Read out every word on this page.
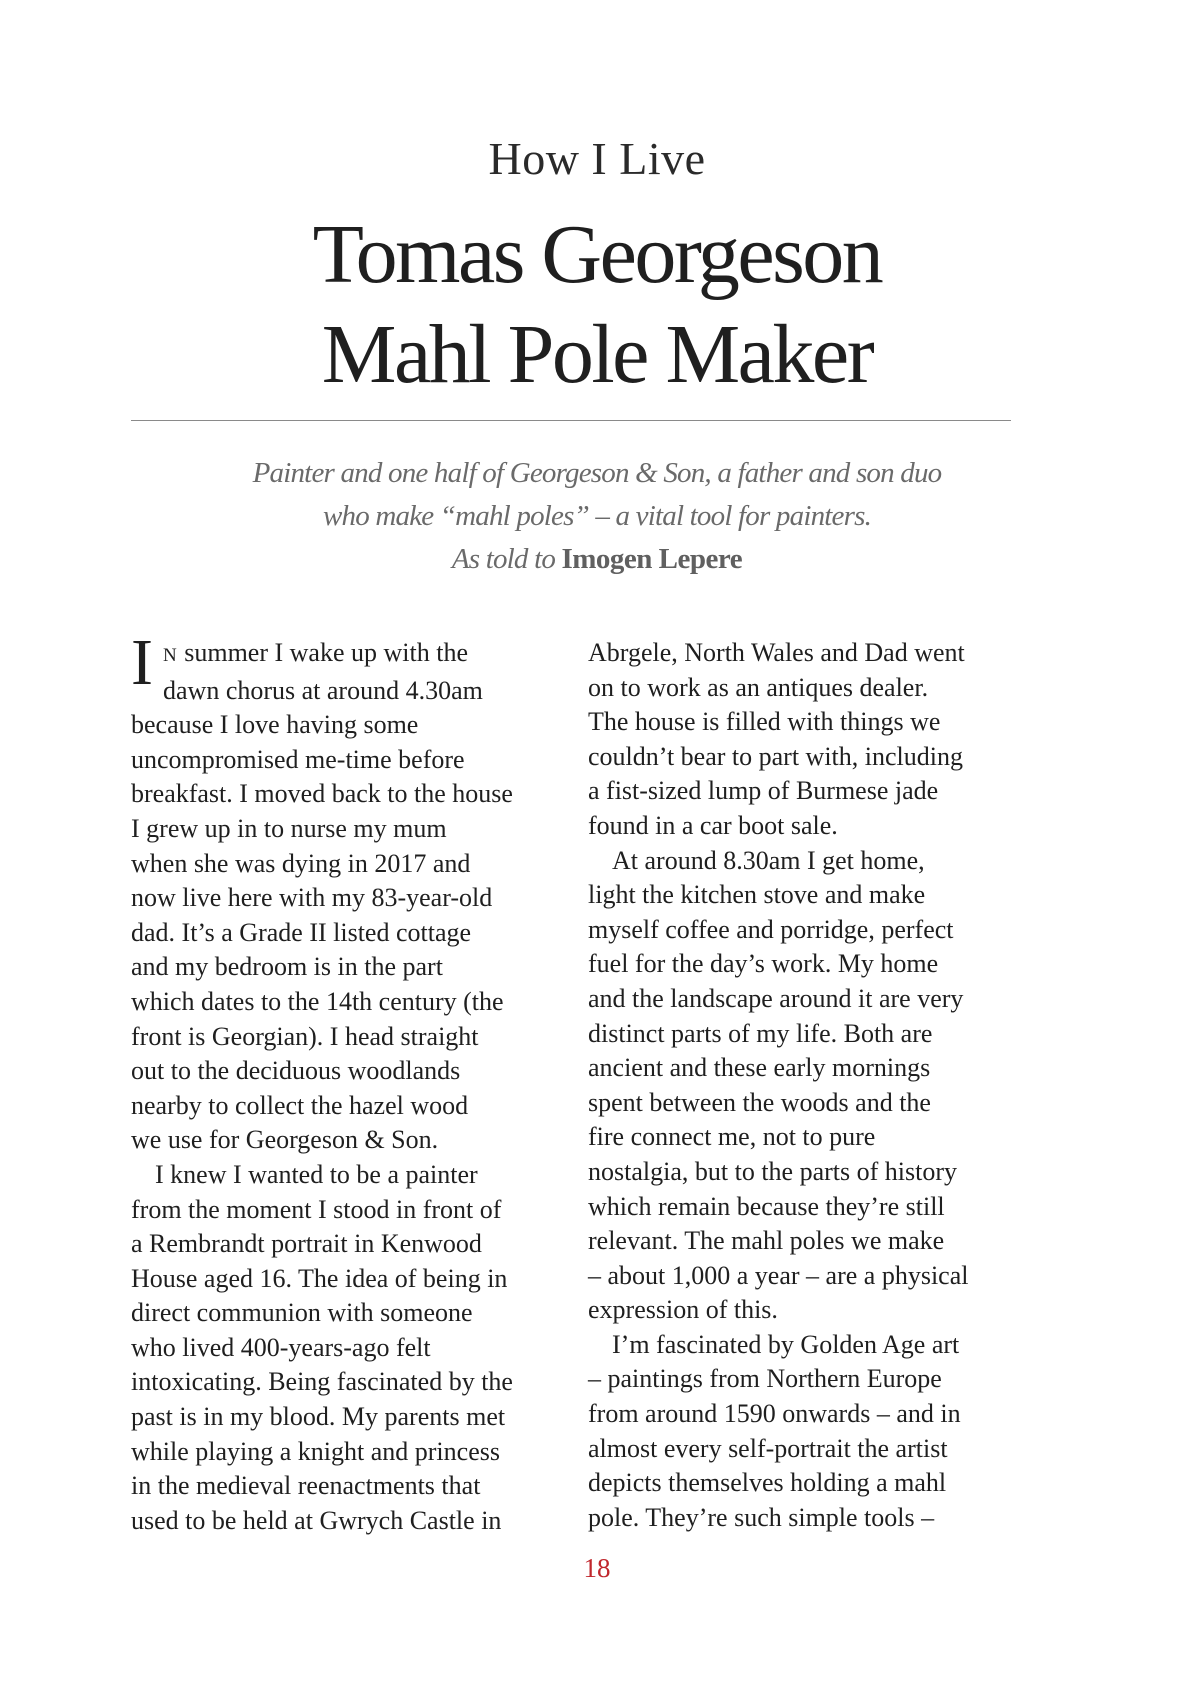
How I Live
Tomas Georgeson
Mahl Pole Maker
Painter and one half of Georgeson & Son, a father and son duo
who make “mahl poles” – a vital tool for painters.
As told to Imogen Lepere
I N summer I wake up with the
dawn chorus at around 4.30am
because I love having some
uncompromised me-time before
breakfast. I moved back to the house
I grew up in to nurse my mum
when she was dying in 2017 and
now live here with my 83-year-old
dad. It’s a Grade II listed cottage
and my bedroom is in the part
which dates to the 14th century (the
front is Georgian). I head straight
out to the deciduous woodlands
nearby to collect the hazel wood
we use for Georgeson & Son.
I knew I wanted to be a painter
from the moment I stood in front of
a Rembrandt portrait in Kenwood
House aged 16. The idea of being in
direct communion with someone
who lived 400-years-ago felt
intoxicating. Being fascinated by the
past is in my blood. My parents met
while playing a knight and princess
in the medieval reenactments that
used to be held at Gwrych Castle in
Abrgele, North Wales and Dad went
on to work as an antiques dealer.
The house is filled with things we
couldn’t bear to part with, including
a fist-sized lump of Burmese jade
found in a car boot sale.
At around 8.30am I get home,
light the kitchen stove and make
myself coffee and porridge, perfect
fuel for the day’s work. My home
and the landscape around it are very
distinct parts of my life. Both are
ancient and these early mornings
spent between the woods and the
fire connect me, not to pure
nostalgia, but to the parts of history
which remain because they’re still
relevant. The mahl poles we make
– about 1,000 a year – are a physical
expression of this.
I’m fascinated by Golden Age art
– paintings from Northern Europe
from around 1590 onwards – and in
almost every self-portrait the artist
depicts themselves holding a mahl
pole. They’re such simple tools –
18
